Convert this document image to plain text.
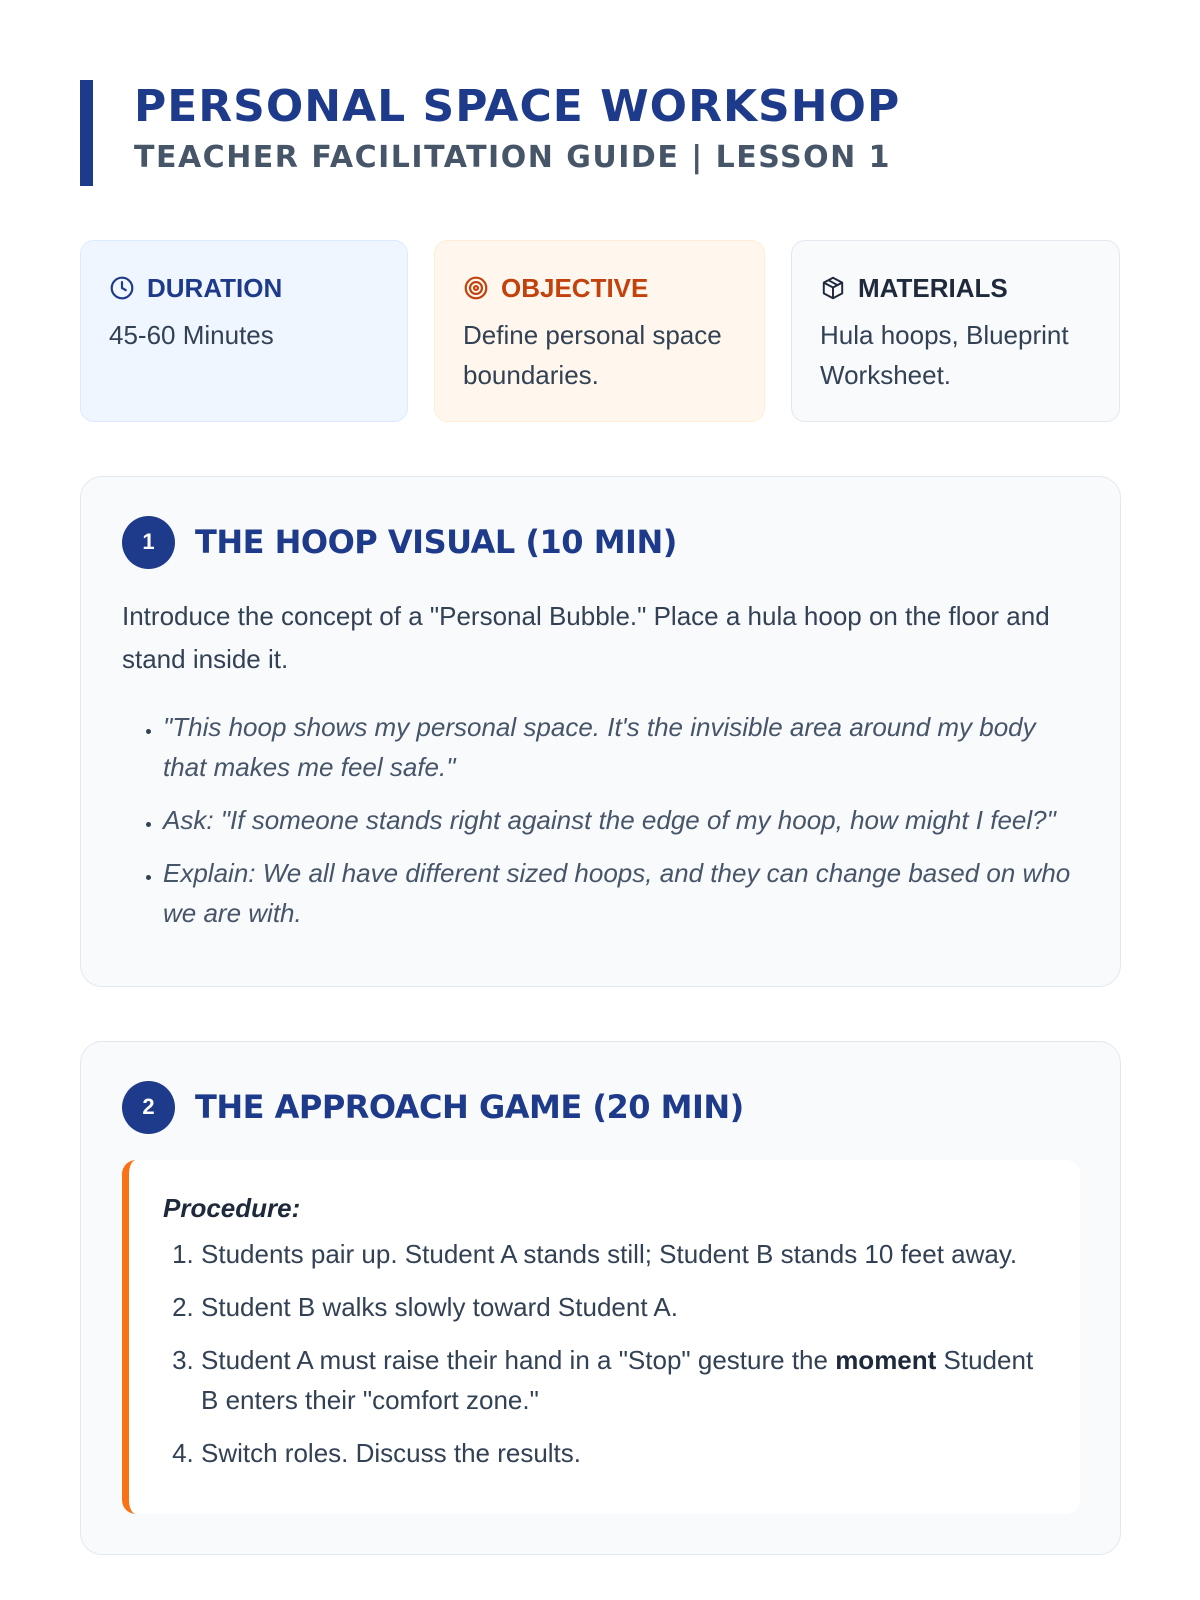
PERSONAL SPACE WORKSHOP
TEACHER FACILITATION GUIDE | LESSON 1
DURATION
45-60 Minutes
OBJECTIVE
Define personal space boundaries.
MATERIALS
Hula hoops, Blueprint Worksheet.
1	THE HOOP VISUAL (10 MIN)

Introduce the concept of a "Personal Bubble." Place a hula hoop on the floor and stand inside it.

• "This hoop shows my personal space. It's the invisible area around my body that makes me feel safe."
• Ask: "If someone stands right against the edge of my hoop, how might I feel?"
• Explain: We all have different sized hoops, and they can change based on who we are with.
2	THE APPROACH GAME (20 MIN)
Procedure:
1. Students pair up. Student A stands still; Student B stands 10 feet away.
2. Student B walks slowly toward Student A.
3. Student A must raise their hand in a "Stop" gesture the moment Student B enters their "comfort zone."
4. Switch roles. Discuss the results.
